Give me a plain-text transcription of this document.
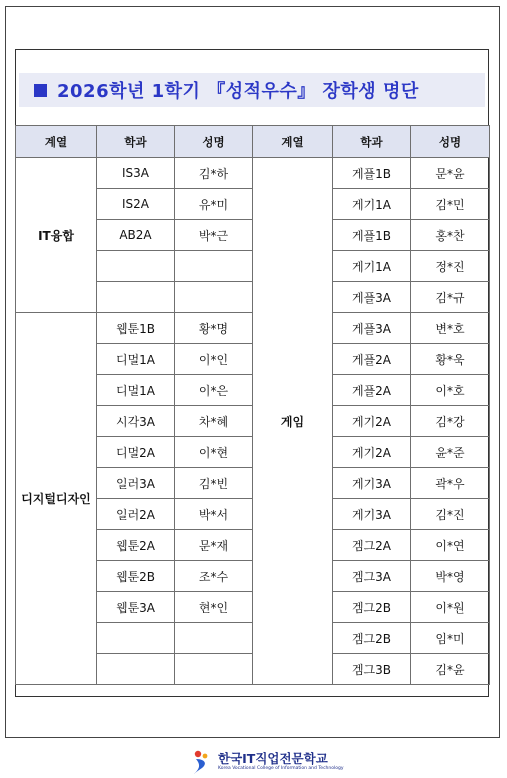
2026학년 1학기 『성적우수』 장학생 명단
계열	학과	성명	계열	학과	성명
IT융합	IS3A	김*하	게임	게플1B	문*윤
	IS2A	유*미		게기1A	김*민
	AB2A	박*근		게플1B	홍*찬
				게기1A	정*진
				게플3A	김*규
디지털디자인	웹툰1B	황*명		게플3A	변*호
	디멀1A	이*인		게플2A	황*욱
	디멀1A	이*은		게플2A	이*호
	시각3A	차*혜		게기2A	김*강
	디멀2A	이*현		게기2A	윤*준
	일러3A	김*빈		게기3A	곽*우
	일러2A	박*서		게기3A	김*진
	웹툰2A	문*재		겜그2A	이*연
	웹툰2B	조*수		겜그3A	박*영
	웹툰3A	현*인		겜그2B	이*원
				겜그2B	임*미
				겜그3B	김*윤
한국IT직업전문학교
Korea Vocational College of Information and Technology
